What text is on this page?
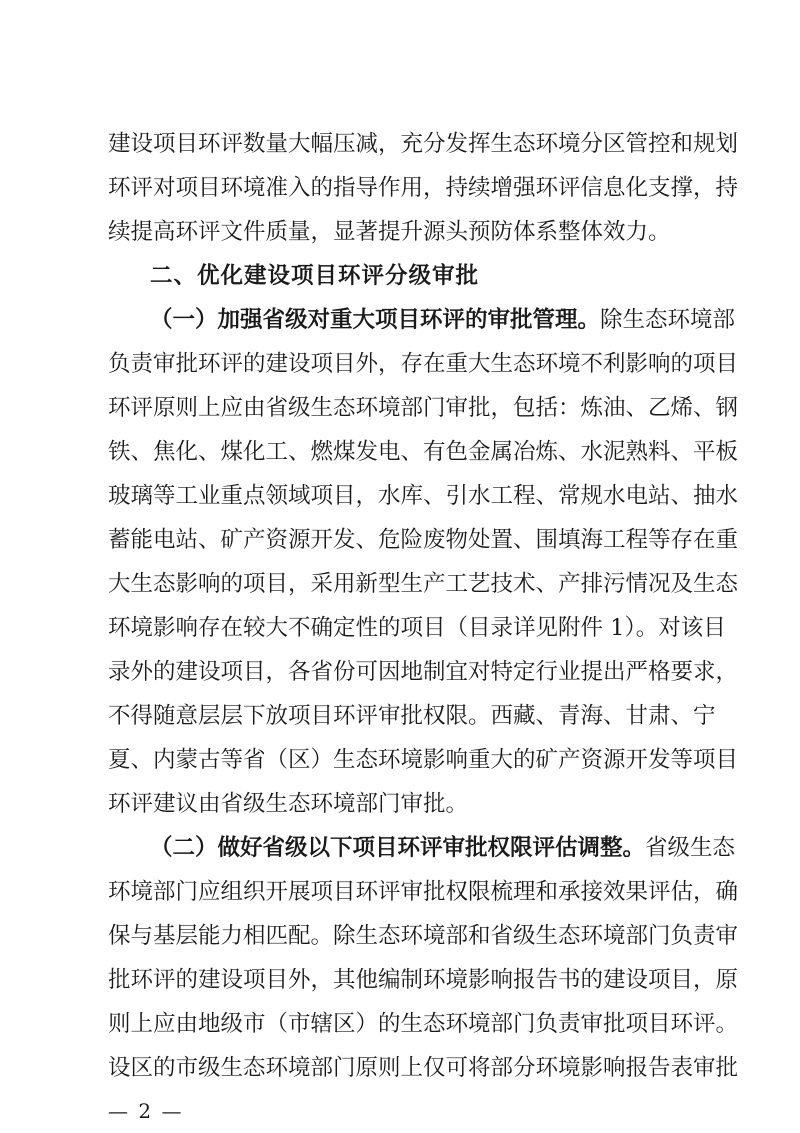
建设项目环评数量大幅压减，充分发挥生态环境分区管控和规划
环评对项目环境准入的指导作用，持续增强环评信息化支撑，持
续提高环评文件质量，显著提升源头预防体系整体效力。
二、优化建设项目环评分级审批
（一）加强省级对重大项目环评的审批管理。除生态环境部
负责审批环评的建设项目外，存在重大生态环境不利影响的项目
环评原则上应由省级生态环境部门审批，包括：炼油、乙烯、钢
铁、焦化、煤化工、燃煤发电、有色金属冶炼、水泥熟料、平板
玻璃等工业重点领域项目，水库、引水工程、常规水电站、抽水
蓄能电站、矿产资源开发、危险废物处置、围填海工程等存在重
大生态影响的项目，采用新型生产工艺技术、产排污情况及生态
环境影响存在较大不确定性的项目（目录详见附件 1）。对该目
录外的建设项目，各省份可因地制宜对特定行业提出严格要求，
不得随意层层下放项目环评审批权限。西藏、青海、甘肃、宁
夏、内蒙古等省（区）生态环境影响重大的矿产资源开发等项目
环评建议由省级生态环境部门审批。
（二）做好省级以下项目环评审批权限评估调整。省级生态
环境部门应组织开展项目环评审批权限梳理和承接效果评估，确
保与基层能力相匹配。除生态环境部和省级生态环境部门负责审
批环评的建设项目外，其他编制环境影响报告书的建设项目，原
则上应由地级市（市辖区）的生态环境部门负责审批项目环评。
设区的市级生态环境部门原则上仅可将部分环境影响报告表审批
— 2 —
